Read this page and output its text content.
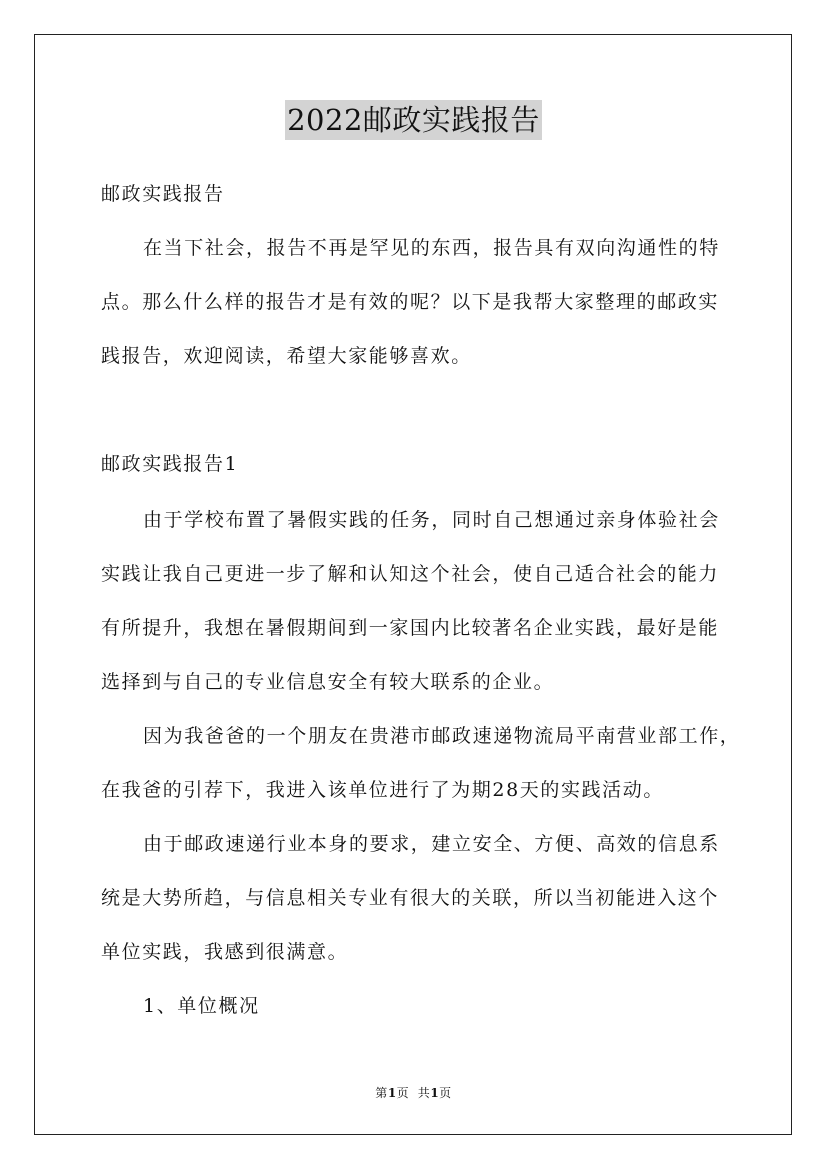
2022邮政实践报告
邮政实践报告
在当下社会，报告不再是罕见的东西，报告具有双向沟通性的特
点。那么什么样的报告才是有效的呢？以下是我帮大家整理的邮政实
践报告，欢迎阅读，希望大家能够喜欢。
邮政实践报告1
由于学校布置了暑假实践的任务，同时自己想通过亲身体验社会
实践让我自己更进一步了解和认知这个社会，使自己适合社会的能力
有所提升，我想在暑假期间到一家国内比较著名企业实践，最好是能
选择到与自己的专业信息安全有较大联系的企业。
因为我爸爸的一个朋友在贵港市邮政速递物流局平南营业部工作，
在我爸的引荐下，我进入该单位进行了为期28天的实践活动。
由于邮政速递行业本身的要求，建立安全、方便、高效的信息系
统是大势所趋，与信息相关专业有很大的关联，所以当初能进入这个
单位实践，我感到很满意。
1、单位概况
第1页  共1页
